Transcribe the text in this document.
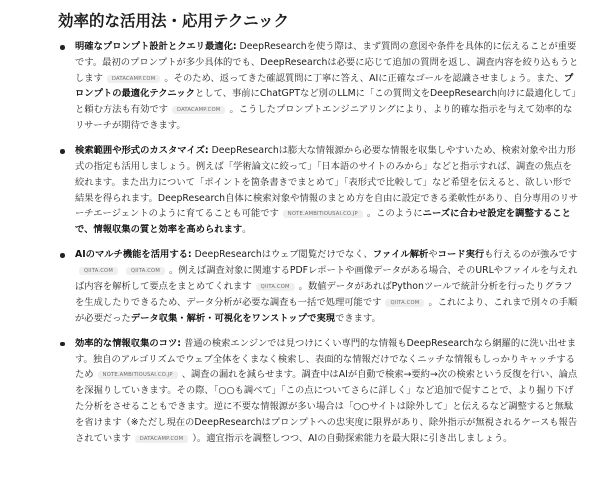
効率的な活用法・応用テクニック
明確なプロンプト設計とクエリ最適化: DeepResearchを使う際は、まず質問の意図や条件を具体的に伝えることが重要です。最初のプロンプトが多少具体的でも、DeepResearchは必要に応じて追加の質問を返し、調査内容を絞り込もうとします DATACAMP.COM 。そのため、返ってきた確認質問に丁寧に答え、AIに正確なゴールを認識させましょう。また、プロンプトの最適化テクニックとして、事前にChatGPTなど別のLLMに「この質問文をDeepResearch向けに最適化して」と頼む方法も有効です DATACAMP.COM 。こうしたプロンプトエンジニアリングにより、より的確な指示を与えて効率的なリサーチが期待できます。
検索範囲や形式のカスタマイズ: DeepResearchは膨大な情報源から必要な情報を収集しやすいため、検索対象や出力形式の指定も活用しましょう。例えば「学術論文に絞って」「日本語のサイトのみから」などと指示すれば、調査の焦点を絞れます。また出力について「ポイントを箇条書きでまとめて」「表形式で比較して」など希望を伝えると、欲しい形で結果を得られます。DeepResearch自体に検索対象や情報のまとめ方を自由に設定できる柔軟性があり、自分専用のリサーチエージェントのように育てることも可能です NOTE.AMBITIOUSAI.CO.JP 。このようにニーズに合わせ設定を調整することで、情報収集の質と効率を高められます。
AIのマルチ機能を活用する: DeepResearchはウェブ閲覧だけでなく、ファイル解析やコード実行も行えるのが強みですQIITA.COM	QIITA.COM 。例えば調査対象に関連するPDFレポートや画像データがある場合、そのURLやファイルを与えれば内容を解析して要点をまとめてくれます QIITA.COM 。数値データがあればPythonツールで統計分析を行ったりグラフを生成したりできるため、データ分析が必要な調査も一括で処理可能です QIITA.COM 。これにより、これまで別々の手順が必要だったデータ収集・解析・可視化をワンストップで実現できます。
効率的な情報収集のコツ: 普通の検索エンジンでは見つけにくい専門的な情報もDeepResearchなら網羅的に洗い出せます。独自のアルゴリズムでウェブ全体をくまなく検索し、表面的な情報だけでなくニッチな情報もしっかりキャッチするため NOTE.AMBITIOUSAI.CO.JP 、調査の漏れを減らせます。調査中はAIが自動で検索→要約→次の検索という反復を行い、論点を深掘りしていきます。その際、「○○も調べて」「この点についてさらに詳しく」など追加で促すことで、より掘り下げた分析をさせることもできます。逆に不要な情報源が多い場合は「○○サイトは除外して」と伝えるなど調整すると無駄を省けます（※ただし現在のDeepResearchはプロンプトへの忠実度に限界があり、除外指示が無視されるケースも報告されています DATACAMP.COM ）。適宜指示を調整しつつ、AIの自動探索能力を最大限に引き出しましょう。
